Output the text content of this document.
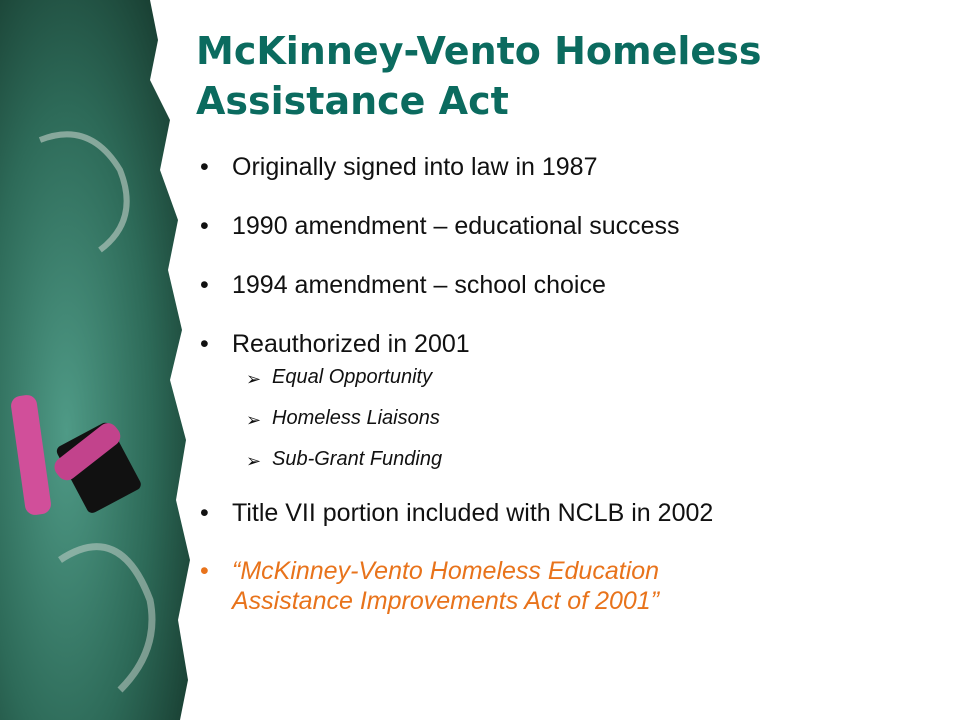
McKinney-Vento Homeless
Assistance Act
• Originally signed into law in 1987
• 1990 amendment – educational success
• 1994 amendment – school choice
• Reauthorized in 2001
➢ Equal Opportunity
➢ Homeless Liaisons
➢ Sub-Grant Funding
• Title VII portion included with NCLB in 2002
• “McKinney-Vento Homeless Education
Assistance Improvements Act of 2001”
